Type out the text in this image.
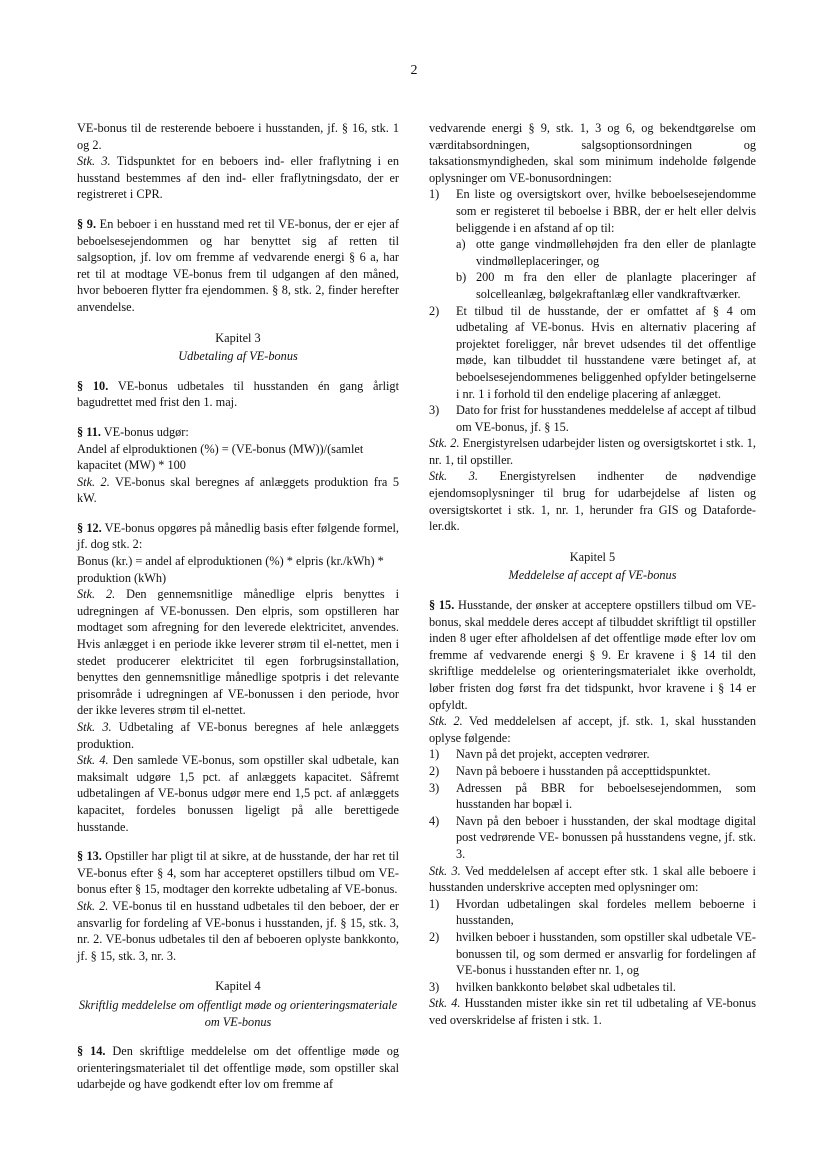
2

VE-bonus til de resterende beboere i husstanden, jf. § 16, stk. 1 og 2.

Stk. 3. Tidspunktet for en beboers ind- eller fraflytning i en husstand bestemmes af den ind- eller fraflytningsdato, der er registreret i CPR.

§ 9. En beboer i en husstand med ret til VE-bonus, der er ejer af beboelsesejendommen og har benyttet sig af retten til salgsoption, jf. lov om fremme af vedvarende energi § 6 a, har ret til at modtage VE-bonus frem til udgangen af den måned, hvor beboeren flytter fra ejendommen. § 8, stk. 2, finder herefter anvendelse.

Kapitel 3

Udbetaling af VE-bonus

§ 10. VE-bonus udbetales til husstanden én gang årligt bagudrettet med frist den 1. maj.

§ 11. VE-bonus udgør:

Andel af elproduktionen (%) = (VE-bonus (MW))/(samlet kapacitet (MW) * 100

Stk. 2. VE-bonus skal beregnes af anlæggets produktion fra 5 kW.

§ 12. VE-bonus opgøres på månedlig basis efter følgende formel, jf. dog stk. 2:

Bonus (kr.) = andel af elproduktionen (%) * elpris (kr./kWh) * produktion (kWh)

Stk. 2. Den gennemsnitlige månedlige elpris benyttes i udregningen af VE-bonussen. Den elpris, som opstilleren har modtaget som afregning for den leverede elektricitet, anvendes. Hvis anlægget i en periode ikke leverer strøm til el-nettet, men i stedet producerer elektricitet til egen forbrugsinstallation, benyttes den gennemsnitlige månedlige spotpris i det relevante prisområde i udregningen af VE-bonussen i den periode, hvor der ikke leveres strøm til el-nettet.

Stk. 3. Udbetaling af VE-bonus beregnes af hele anlæggets produktion.

Stk. 4. Den samlede VE-bonus, som opstiller skal udbetale, kan maksimalt udgøre 1,5 pct. af anlæggets kapacitet. Såfremt udbetalingen af VE-bonus udgør mere end 1,5 pct. af anlæggets kapacitet, fordeles bonussen ligeligt på alle berettigede husstande.

§ 13. Opstiller har pligt til at sikre, at de husstande, der har ret til VE-bonus efter § 4, som har accepteret opstillers tilbud om VE-bonus efter § 15, modtager den korrekte udbetaling af VE-bonus.

Stk. 2. VE-bonus til en husstand udbetales til den beboer, der er ansvarlig for fordeling af VE-bonus i husstanden, jf. § 15, stk. 3, nr. 2. VE-bonus udbetales til den af beboeren oplyste bankkonto, jf. § 15, stk. 3, nr. 3.

Kapitel 4

Skriftlig meddelelse om offentligt møde og orienteringsmateriale om VE-bonus

§ 14. Den skriftlige meddelelse om det offentlige møde og orienteringsmaterialet til det offentlige møde, som opstiller skal udarbejde og have godkendt efter lov om fremme af

vedvarende energi § 9, stk. 1, 3 og 6, og bekendtgørelse om værditabsordningen, salgsoptionsordningen og taksationsmyndigheden, skal som minimum indeholde følgende oplysninger om VE-bonusordningen:

1)	En liste og oversigtskort over, hvilke beboelsesejendomme som er registeret til beboelse i BBR, der er helt eller delvis beliggende i en afstand af op til:
a) otte gange vindmøllehøjden fra den eller de planlagte vindmølleplaceringer, og
b) 200 m fra den eller de planlagte placeringer af solcelleanlæg, bølgekraftanlæg eller vandkraftværker.
2)	Et tilbud til de husstande, der er omfattet af § 4 om udbetaling af VE-bonus. Hvis en alternativ placering af projektet foreligger, når brevet udsendes til det offentlige møde, kan tilbuddet til husstandene være betinget af, at beboelsesejendommenes beliggenhed opfylder betingelserne i nr. 1 i forhold til den endelige placering af anlægget.
3)	Dato for frist for husstandenes meddelelse af accept af tilbud om VE-bonus, jf. § 15.

Stk. 2. Energistyrelsen udarbejder listen og oversigtskortet i stk. 1, nr. 1, til opstiller.

Stk. 3. Energistyrelsen indhenter de nødvendige ejendomsoplysninger til brug for udarbejdelse af listen og oversigtskortet i stk. 1, nr. 1, herunder fra GIS og Dataforde-ler.dk.

Kapitel 5

Meddelelse af accept af VE-bonus

§ 15. Husstande, der ønsker at acceptere opstillers tilbud om VE-bonus, skal meddele deres accept af tilbuddet skriftligt til opstiller inden 8 uger efter afholdelsen af det offentlige møde efter lov om fremme af vedvarende energi § 9. Er kravene i § 14 til den skriftlige meddelelse og orienteringsmaterialet ikke overholdt, løber fristen dog først fra det tidspunkt, hvor kravene i § 14 er opfyldt.

Stk. 2. Ved meddelelsen af accept, jf. stk. 1, skal husstanden oplyse følgende:

1)	Navn på det projekt, accepten vedrører.
2)	Navn på beboere i husstanden på accepttidspunktet.
3)	Adressen på BBR for beboelsesejendommen, som husstanden har bopæl i.
4)	Navn på den beboer i husstanden, der skal modtage digital post vedrørende VE- bonussen på husstandens vegne, jf. stk. 3.

Stk. 3. Ved meddelelsen af accept efter stk. 1 skal alle beboere i husstanden underskrive accepten med oplysninger om:

1)	Hvordan udbetalingen skal fordeles mellem beboerne i husstanden,
2)	hvilken beboer i husstanden, som opstiller skal udbetale VE-bonussen til, og som dermed er ansvarlig for fordelingen af VE-bonus i husstanden efter nr. 1, og
3)	hvilken bankkonto beløbet skal udbetales til.

Stk. 4. Husstanden mister ikke sin ret til udbetaling af VE-bonus ved overskridelse af fristen i stk. 1.
